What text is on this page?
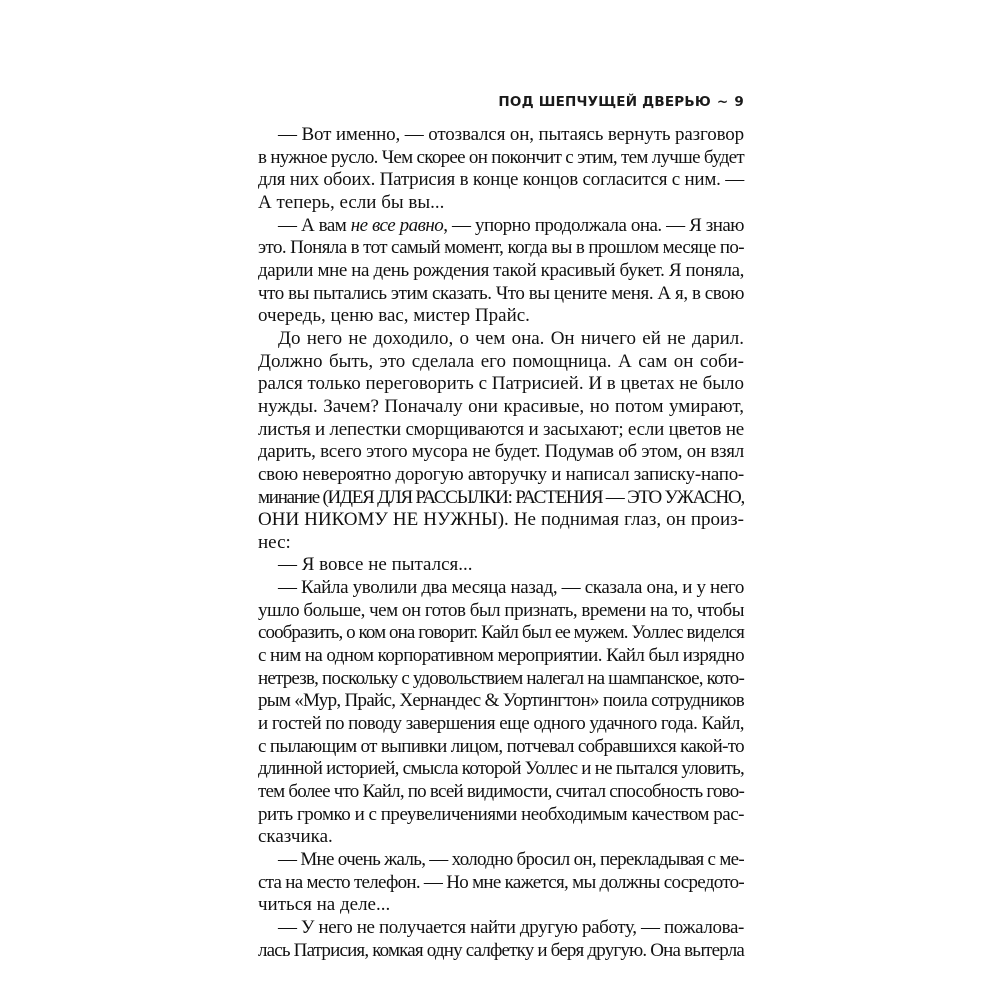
ПОД ШЕПЧУЩЕЙ ДВЕРЬЮ ~ 9
— Вот именно, — отозвался он, пытаясь вернуть разговор
в нужное русло. Чем скорее он покончит с этим, тем лучше будет
для них обоих. Патрисия в конце концов согласится с ним. —
А теперь, если бы вы...
— А вам не все равно, — упорно продолжала она. — Я знаю
это. Поняла в тот самый момент, когда вы в прошлом месяце по-
дарили мне на день рождения такой красивый букет. Я поняла,
что вы пытались этим сказать. Что вы цените меня. А я, в свою
очередь, ценю вас, мистер Прайс.
До него не доходило, о чем она. Он ничего ей не дарил.
Должно быть, это сделала его помощница. А сам он соби-
рался только переговорить с Патрисией. И в цветах не было
нужды. Зачем? Поначалу они красивые, но потом умирают,
листья и лепестки сморщиваются и засыхают; если цветов не
дарить, всего этого мусора не будет. Подумав об этом, он взял
свою невероятно дорогую авторучку и написал записку-напо-
минание (ИДЕЯ ДЛЯ РАССЫЛКИ: РАСТЕНИЯ — ЭТО УЖАСНО,
ОНИ НИКОМУ НЕ НУЖНЫ). Не поднимая глаз, он произ-
нес:
— Я вовсе не пытался...
— Кайла уволили два месяца назад, — сказала она, и у него
ушло больше, чем он готов был признать, времени на то, чтобы
сообразить, о ком она говорит. Кайл был ее мужем. Уоллес виделся
с ним на одном корпоративном мероприятии. Кайл был изрядно
нетрезв, поскольку с удовольствием налегал на шампанское, кото-
рым «Мур, Прайс, Хернандес & Уортингтон» поила сотрудников
и гостей по поводу завершения еще одного удачного года. Кайл,
с пылающим от выпивки лицом, потчевал собравшихся какой-то
длинной историей, смысла которой Уоллес и не пытался уловить,
тем более что Кайл, по всей видимости, считал способность гово-
рить громко и с преувеличениями необходимым качеством рас-
сказчика.
— Мне очень жаль, — холодно бросил он, перекладывая с ме-
ста на место телефон. — Но мне кажется, мы должны сосредото-
читься на деле...
— У него не получается найти другую работу, — пожалова-
лась Патрисия, комкая одну салфетку и беря другую. Она вытерла
